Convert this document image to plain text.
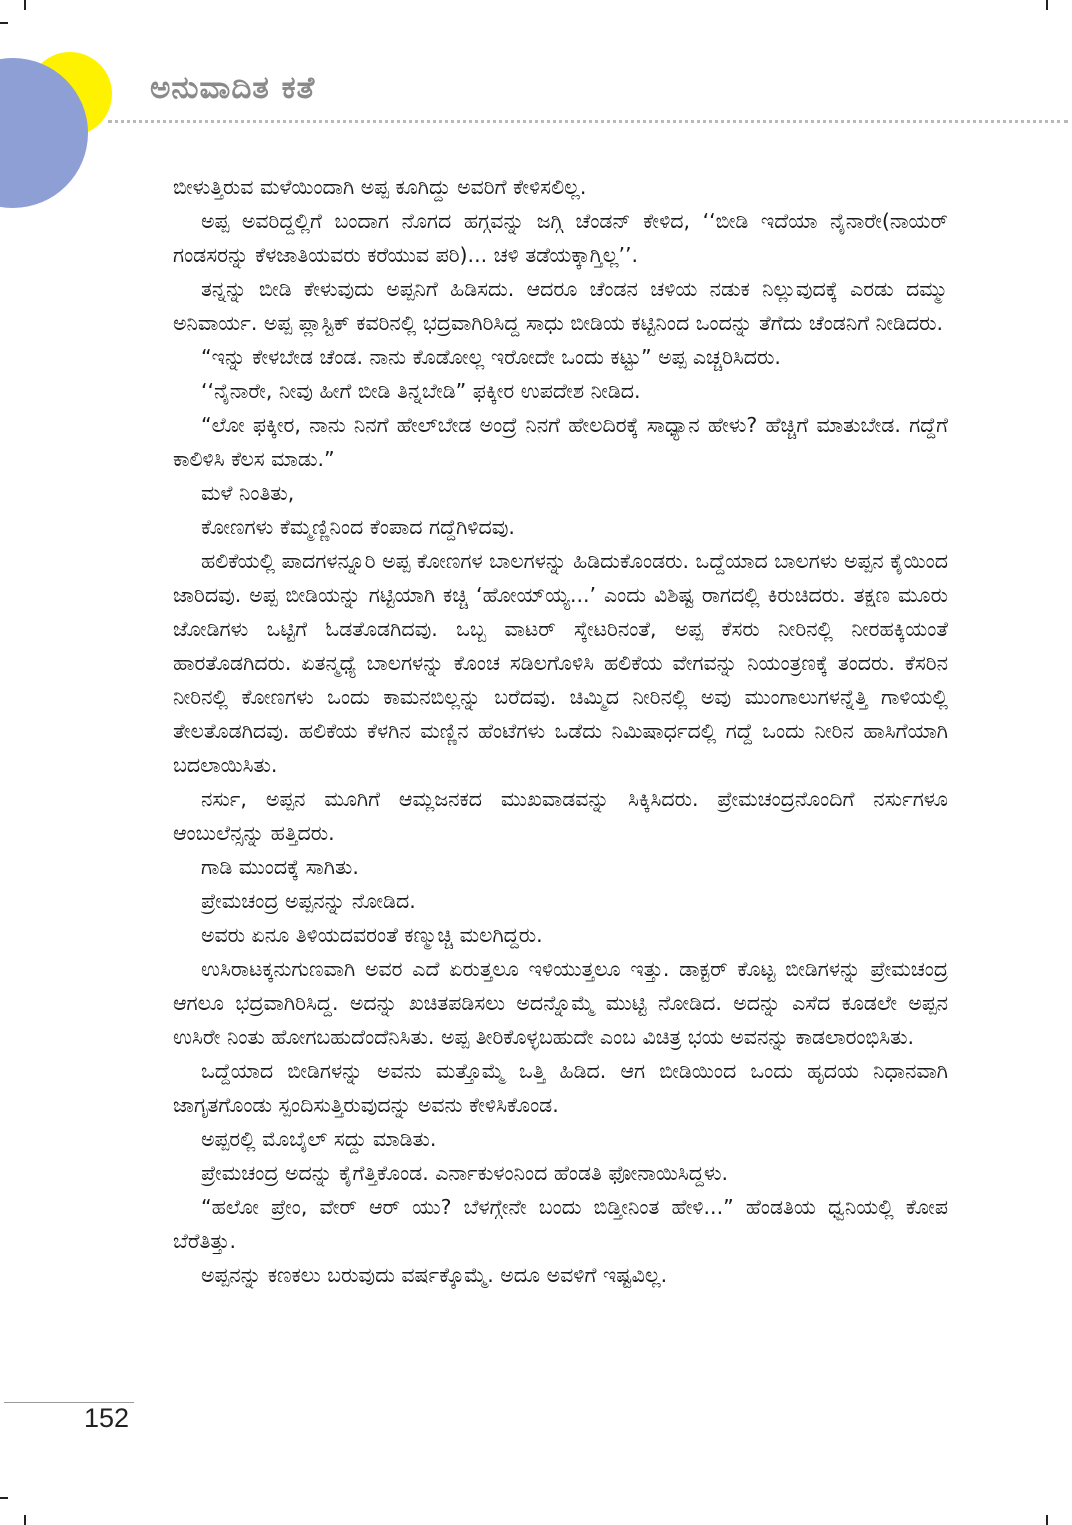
ಅನುವಾದಿತ ಕತೆ

ಬೀಳುತ್ತಿರುವ ಮಳೆಯಿಂದಾಗಿ ಅಪ್ಪ ಕೂಗಿದ್ದು ಅವರಿಗೆ ಕೇಳಿಸಲಿಲ್ಲ.

ಅಪ್ಪ ಅವರಿದ್ದಲ್ಲಿಗೆ ಬಂದಾಗ ನೊಗದ ಹಗ್ಗವನ್ನು ಜಗ್ಗಿ ಚೆಂಡನ್ ಕೇಳಿದ, ‘‘ಬೀಡಿ ಇದೆಯಾ ನೈನಾರೇ(ನಾಯರ್ ಗಂಡಸರನ್ನು ಕೆಳಜಾತಿಯವರು ಕರೆಯುವ ಪರಿ)... ಚಳಿ ತಡೆಯಕ್ಕಾಗ್ತಿಲ್ಲ’’.

ತನ್ನನ್ನು ಬೀಡಿ ಕೇಳುವುದು ಅಪ್ಪನಿಗೆ ಹಿಡಿಸದು. ಆದರೂ ಚೆಂಡನ ಚಳಿಯ ನಡುಕ ನಿಲ್ಲುವುದಕ್ಕೆ ಎರಡು ದಮ್ಮು ಅನಿವಾರ್ಯ. ಅಪ್ಪ ಪ್ಲಾಸ್ಟಿಕ್ ಕವರಿನಲ್ಲಿ ಭದ್ರವಾಗಿರಿಸಿದ್ದ ಸಾಧು ಬೀಡಿಯ ಕಟ್ಟಿನಿಂದ ಒಂದನ್ನು ತೆಗೆದು ಚೆಂಡನಿಗೆ ನೀಡಿದರು.

“ಇನ್ನು ಕೇಳಬೇಡ ಚೆಂಡ. ನಾನು ಕೊಡೋಲ್ಲ ಇರೋದೇ ಒಂದು ಕಟ್ಟು” ಅಪ್ಪ ಎಚ್ಚರಿಸಿದರು.

‘‘ನೈನಾರೇ, ನೀವು ಹೀಗೆ ಬೀಡಿ ತಿನ್ನಬೇಡಿ” ಫಕ್ಕೀರ ಉಪದೇಶ ನೀಡಿದ.

“ಲೋ ಫಕ್ಕೀರ, ನಾನು ನಿನಗೆ ಹೇಲ್‌ಬೇಡ ಅಂದ್ರೆ ನಿನಗೆ ಹೇಲದಿರಕ್ಕೆ ಸಾಧ್ಯಾನ ಹೇಳು? ಹೆಚ್ಚಿಗೆ ಮಾತುಬೇಡ. ಗದ್ದೆಗೆ ಕಾಲಿಳಿಸಿ ಕೆಲಸ ಮಾಡು.”

ಮಳೆ ನಿಂತಿತು,

ಕೋಣಗಳು ಕೆಮ್ಮಣ್ಣಿನಿಂದ ಕೆಂಪಾದ ಗದ್ದೆಗಿಳಿದವು.

ಹಲಿಕೆಯಲ್ಲಿ ಪಾದಗಳನ್ನೂರಿ ಅಪ್ಪ ಕೋಣಗಳ ಬಾಲಗಳನ್ನು ಹಿಡಿದುಕೊಂಡರು. ಒದ್ದೆಯಾದ ಬಾಲಗಳು ಅಪ್ಪನ ಕೈಯಿಂದ ಜಾರಿದವು. ಅಪ್ಪ ಬೀಡಿಯನ್ನು ಗಟ್ಟಿಯಾಗಿ ಕಚ್ಚಿ ‘ಹೋಯ್‌ಯ್ಯ...’ ಎಂದು ವಿಶಿಷ್ಟ ರಾಗದಲ್ಲಿ ಕಿರುಚಿದರು. ತಕ್ಷಣ ಮೂರು ಜೋಡಿಗಳು ಒಟ್ಟಿಗೆ ಓಡತೊಡಗಿದವು. ಒಬ್ಬ ವಾಟರ್ ಸ್ಕೇಟರಿನಂತೆ, ಅಪ್ಪ ಕೆಸರು ನೀರಿನಲ್ಲಿ ನೀರಹಕ್ಕಿಯಂತೆ ಹಾರತೊಡಗಿದರು. ಏತನ್ಮಧ್ಯೆ ಬಾಲಗಳನ್ನು ಕೊಂಚ ಸಡಿಲಗೊಳಿಸಿ ಹಲಿಕೆಯ ವೇಗವನ್ನು ನಿಯಂತ್ರಣಕ್ಕೆ ತಂದರು. ಕೆಸರಿನ ನೀರಿನಲ್ಲಿ ಕೋಣಗಳು ಒಂದು ಕಾಮನಬಿಲ್ಲನ್ನು ಬರೆದವು. ಚಿಮ್ಮಿದ ನೀರಿನಲ್ಲಿ ಅವು ಮುಂಗಾಲುಗಳನ್ನೆತ್ತಿ ಗಾಳಿಯಲ್ಲಿ ತೇಲತೊಡಗಿದವು. ಹಲಿಕೆಯ ಕೆಳಗಿನ ಮಣ್ಣಿನ ಹೆಂಟೆಗಳು ಒಡೆದು ನಿಮಿಷಾರ್ಧದಲ್ಲಿ ಗದ್ದೆ ಒಂದು ನೀರಿನ ಹಾಸಿಗೆಯಾಗಿ ಬದಲಾಯಿಸಿತು.

ನರ್ಸು, ಅಪ್ಪನ ಮೂಗಿಗೆ ಆಮ್ಲಜನಕದ ಮುಖವಾಡವನ್ನು ಸಿಕ್ಕಿಸಿದರು. ಪ್ರೇಮಚಂದ್ರನೊಂದಿಗೆ ನರ್ಸುಗಳೂ ಆಂಬುಲೆನ್ಸನ್ನು ಹತ್ತಿದರು.

ಗಾಡಿ ಮುಂದಕ್ಕೆ ಸಾಗಿತು.

ಪ್ರೇಮಚಂದ್ರ ಅಪ್ಪನನ್ನು ನೋಡಿದ.

ಅವರು ಏನೂ ತಿಳಿಯದವರಂತೆ ಕಣ್ಮುಚ್ಚಿ ಮಲಗಿದ್ದರು.

ಉಸಿರಾಟಕ್ಕನುಗುಣವಾಗಿ ಅವರ ಎದೆ ಏರುತ್ತಲೂ ಇಳಿಯುತ್ತಲೂ ಇತ್ತು. ಡಾಕ್ಟರ್ ಕೊಟ್ಟ ಬೀಡಿಗಳನ್ನು ಪ್ರೇಮಚಂದ್ರ ಆಗಲೂ ಭದ್ರವಾಗಿರಿಸಿದ್ದ. ಅದನ್ನು ಖಚಿತಪಡಿಸಲು ಅದನ್ನೊಮ್ಮೆ ಮುಟ್ಟಿ ನೋಡಿದ. ಅದನ್ನು ಎಸೆದ ಕೂಡಲೇ ಅಪ್ಪನ ಉಸಿರೇ ನಿಂತು ಹೋಗಬಹುದೆಂದೆನಿಸಿತು. ಅಪ್ಪ ತೀರಿಕೊಳ್ಳಬಹುದೇ ಎಂಬ ವಿಚಿತ್ರ ಭಯ ಅವನನ್ನು ಕಾಡಲಾರಂಭಿಸಿತು.

ಒದ್ದೆಯಾದ ಬೀಡಿಗಳನ್ನು ಅವನು ಮತ್ತೊಮ್ಮೆ ಒತ್ತಿ ಹಿಡಿದ. ಆಗ ಬೀಡಿಯಿಂದ ಒಂದು ಹೃದಯ ನಿಧಾನವಾಗಿ ಜಾಗೃತಗೊಂಡು ಸ್ಪಂದಿಸುತ್ತಿರುವುದನ್ನು ಅವನು ಕೇಳಿಸಿಕೊಂಡ.

ಅಪ್ಪರಲ್ಲಿ ಮೊಬೈಲ್ ಸದ್ದು ಮಾಡಿತು.

ಪ್ರೇಮಚಂದ್ರ ಅದನ್ನು ಕೈಗೆತ್ತಿಕೊಂಡ. ಎರ್ನಾಕುಳಂನಿಂದ ಹೆಂಡತಿ ಫೋನಾಯಿಸಿದ್ದಳು.

“ಹಲೋ ಪ್ರೇಂ, ವೇರ್ ಆರ್ ಯು? ಬೆಳಗ್ಗೇನೇ ಬಂದು ಬಿಡ್ತೀನಿಂತ ಹೇಳಿ...” ಹೆಂಡತಿಯ ಧ್ವನಿಯಲ್ಲಿ ಕೋಪ ಬೆರೆತಿತ್ತು.

ಅಪ್ಪನನ್ನು ಕಣಕಲು ಬರುವುದು ವರ್ಷಕ್ಕೊಮ್ಮೆ. ಅದೂ ಅವಳಿಗೆ ಇಷ್ಟವಿಲ್ಲ.

152
